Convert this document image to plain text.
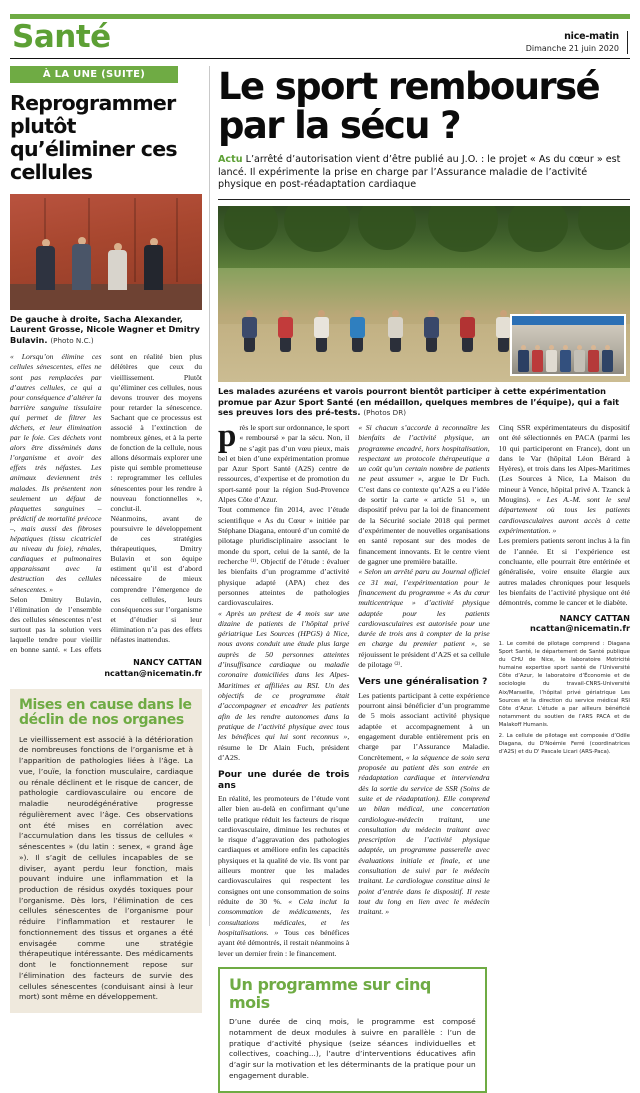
Santé	nice-matin
Dimanche 21 juin 2020
À LA UNE (SUITE)
Reprogrammer plutôt qu’éliminer ces cellules
De gauche à droite, Sacha Alexander, Laurent Grosse, Nicole Wagner et Dmitry Bulavin. (Photo N.C.)

« Lorsqu’on élimine ces cellules sénescentes, elles ne sont pas remplacées par d’autres cellules, ce qui a pour conséquence d’altérer la barrière sanguine tissulaire qui permet de filtrer les déchets, et leur élimination par le foie. Ces déchets vont alors être disséminés dans l’organisme et avoir des effets très néfastes. Les animaux deviennent très malades. Ils présentent non seulement un défaut de plaquettes sanguines – prédictif de mortalité précoce –, mais aussi des fibroses hépatiques (tissu cicatriciel au niveau du foie), rénales, cardiaques et pulmonaires apparaissant avec la destruction des cellules sénescentes. »

Selon Dmitry Bulavin, l’élimination de l’ensemble des cellules sénescentes n’est surtout pas la solution vers laquelle tendre pour vieillir en bonne santé. « Les effets sont en réalité bien plus délétères que ceux du vieillissement. Plutôt qu’éliminer ces cellules, nous devons trouver des moyens pour retarder la sénescence. Sachant que ce processus est associé à l’extinction de nombreux gènes, et à la perte de fonction de la cellule, nous allons désormais explorer une piste qui semble prometteuse : reprogrammer les cellules sénescentes pour les rendre à nouveau fonctionnelles », conclut-il.

Néanmoins, avant de poursuivre le développement de ces stratégies thérapeutiques, Dmitry Bulavin et son équipe estiment qu’il est d’abord nécessaire de mieux comprendre l’émergence de ces cellules, leurs conséquences sur l’organisme et d’étudier si leur élimination n’a pas des effets néfastes inattendus.

NANCY CATTAN
ncattan@nicematin.fr
Mises en cause dans le déclin de nos organes

Le vieillissement est associé à la détérioration de nombreuses fonctions de l’organisme et à l’apparition de pathologies liées à l’âge. La vue, l’ouïe, la fonction musculaire, cardiaque ou rénale déclinent et le risque de cancer, de pathologie cardiovasculaire ou encore de maladie neurodégénérative progresse régulièrement avec l’âge. Ces observations ont été mises en corrélation avec l’accumulation dans les tissus de cellules « sénescentes » (du latin : senex, « grand âge »). Il s’agit de cellules incapables de se diviser, ayant perdu leur fonction, mais pouvant induire une inflammation et la production de résidus oxydés toxiques pour l’organisme. Dès lors, l’élimination de ces cellules sénescentes de l’organisme pour réduire l’inflammation et restaurer le fonctionnement des tissus et organes a été envisagée comme une stratégie thérapeutique intéressante. Des médicaments dont le fonctionnement repose sur l’élimination des facteurs de survie des cellules sénescentes (conduisant ainsi à leur mort) sont même en développement.

Le sport remboursé par la sécu ?
Actu L’arrêté d’autorisation vient d’être publié au J.O. : le projet « As du cœur » est lancé. Il expérimente la prise en charge par l’Assurance maladie de l’activité physique en post-réadaptation cardiaque
Les malades azuréens et varois pourront bientôt participer à cette expérimentation promue par Azur Sport Santé (en médaillon, quelques membres de l’équipe), qui a fait ses preuves lors des pré-tests. (Photos DR)

près le sport sur ordonnance, le sport « remboursé » par la sécu. Non, il ne s’agit pas d’un vœu pieux, mais bel et bien d’une expérimentation promue par Azur Sport Santé (A2S) centre de ressources, d’expertise et de promotion du sport-santé pour la région Sud-Provence Alpes Côte d’Azur.

Tout commence fin 2014, avec l’étude scientifique « As du Cœur » initiée par Stéphane Diagana, entouré d’un comité de pilotage pluridisciplinaire associant le monde du sport, celui de la santé, de la recherche ⁽¹⁾. Objectif de l’étude : évaluer les bienfaits d’un programme d’activité physique adapté (APA) chez des personnes atteintes de pathologies cardiovasculaires.

« Après un prétest de 4 mois sur une dizaine de patients de l’hôpital privé gériatrique Les Sources (HPGS) à Nice, nous avons conduit une étude plus large auprès de 50 personnes atteintes d’insuffisance cardiaque ou maladie coronaire domiciliées dans les Alpes-Maritimes et affiliées au RSI. Un des objectifs de ce programme était d’accompagner et encadrer les patients afin de les rendre autonomes dans la pratique de l’activité physique avec tous les bénéfices qui lui sont reconnus », résume le Dr Alain Fuch, président d’A2S.

Pour une durée de trois ans

En réalité, les promoteurs de l’étude vont aller bien au-delà en confirmant qu’une telle pratique réduit les facteurs de risque cardiovasculaire, diminue les rechutes et le risque d’aggravation des pathologies cardiaques et améliore enfin les capacités physiques et la qualité de vie. Ils vont par ailleurs montrer que les malades cardiovasculaires qui respectent les consignes ont une consommation de soins réduite de 30 %. « Cela inclut la consommation de médicaments, les consultations médicales, et les hospitalisations. » Tous ces bénéfices ayant été démontrés, il restait néanmoins à lever un dernier frein : le financement.

« Si chacun s’accorde à reconnaître les bienfaits de l’activité physique, un programme encadré, hors hospitalisation, respectant un protocole thérapeutique a un coût qu’un certain nombre de patients ne peut assumer », argue le Dr Fuch. C’est dans ce contexte qu’A2S a eu l’idée de sortir la carte « article 51 », un dispositif prévu par la loi de financement de la Sécurité sociale 2018 qui permet d’expérimenter de nouvelles organisations en santé reposant sur des modes de financement innovants. Et le centre vient de gagner une première bataille.

« Selon un arrêté paru au Journal officiel ce 31 mai, l’expérimentation pour le financement du programme « As du cœur multicentrique » d’activité physique adaptée pour les patients cardiovasculaires est autorisée pour une durée de trois ans à compter de la prise en charge du premier patient », se réjouissent le président d’A2S et sa cellule de pilotage ⁽²⁾.

Vers une généralisation ?

Les patients participant à cette expérience pourront ainsi bénéficier d’un programme de 5 mois associant activité physique adaptée et accompagnement à un engagement durable entièrement pris en charge par l’Assurance Maladie. Concrètement, « la séquence de soin sera proposée au patient dès son entrée en réadaptation cardiaque et interviendra dès la sortie du service de SSR (Soins de suite et de réadaptation). Elle comprend un bilan médical, une concertation cardiologue-médecin traitant, une consultation du médecin traitant avec prescription de l’activité physique adaptée, un programme passerelle avec évaluations initiale et finale, et une consultation de suivi par le médecin traitant. Le cardiologue constitue ainsi le point d’entrée dans le dispositif. Il reste tout du long en lien avec le médecin traitant. »

Cinq SSR expérimentateurs du dispositif ont été sélectionnés en PACA (parmi les 10 qui participeront en France), dont un dans le Var (hôpital Léon Bérard à Hyères), et trois dans les Alpes-Maritimes (Les Sources à Nice, La Maison du mineur à Vence, hôpital privé A. Tzanck à Mougins). « Les A.-M. sont le seul département où tous les patients cardiovasculaires auront accès à cette expérimentation. »

Les premiers patients seront inclus à la fin de l’année. Et si l’expérience est concluante, elle pourrait être entérinée et généralisée, voire ensuite élargie aux autres malades chroniques pour lesquels les bienfaits de l’activité physique ont été démontrés, comme le cancer et le diabète.

NANCY CATTAN
ncattan@nicematin.fr

1. Le comité de pilotage comprend : Diagana Sport Santé, le département de Santé publique du CHU de Nice, le laboratoire Motricité humaine expertise sport santé de l’Université Côte d’Azur, le laboratoire d’Économie et de sociologie du travail-CNRS-Université Aix/Marseille, l’hôpital privé gériatrique Les Sources et la direction du service médical RSI Côte d’Azur. L’étude a par ailleurs bénéficié notamment du soutien de l’ARS PACA et de Malakoff Humanis.

2. La cellule de pilotage est composée d’Odile Diagana, du D'Noémie Ferré (coordinatrices d’A2S) et du D' Pascale Licari (ARS-Paca).

Un programme sur cinq mois

D’une durée de cinq mois, le programme est composé notamment de deux modules à suivre en parallèle : l’un de pratique d’activité physique (seize séances individuelles et collectives, coaching...), l’autre d’interventions éducatives afin d’agir sur la motivation et les déterminants de la pratique pour un engagement durable.
